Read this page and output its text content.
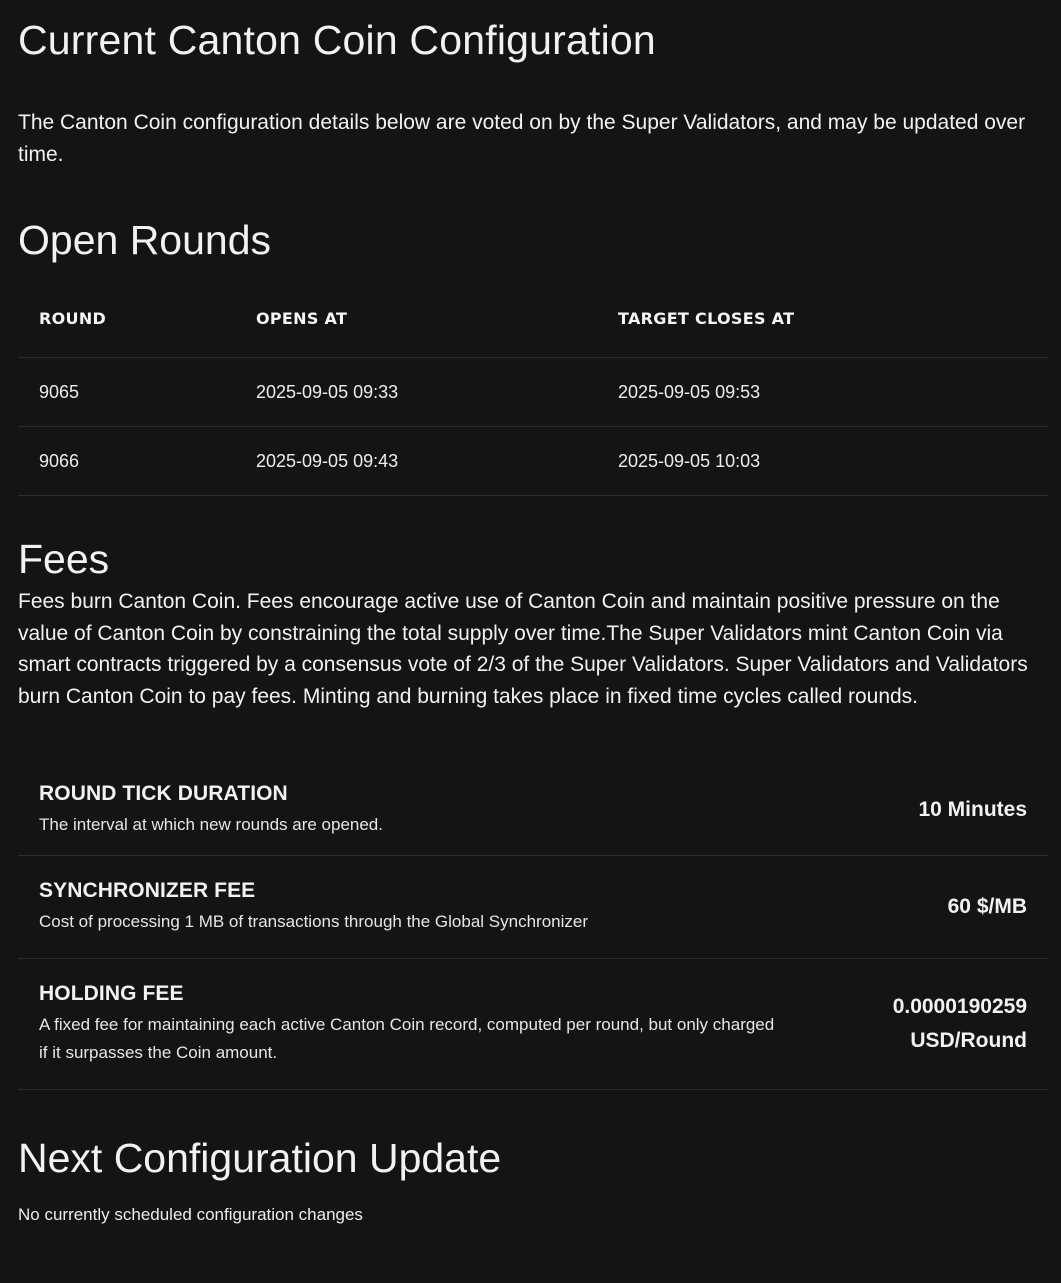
Current Canton Coin Configuration

The Canton Coin configuration details below are voted on by the Super Validators, and may be updated over time.

Open Rounds
ROUND	OPENS AT	TARGET CLOSES AT
9065	2025-09-05 09:33	2025-09-05 09:53
9066	2025-09-05 09:43	2025-09-05 10:03
Fees

Fees burn Canton Coin. Fees encourage active use of Canton Coin and maintain positive pressure on the value of Canton Coin by constraining the total supply over time.The Super Validators mint Canton Coin via smart contracts triggered by a consensus vote of 2/3 of the Super Validators. Super Validators and Validators burn Canton Coin to pay fees. Minting and burning takes place in fixed time cycles called rounds.

ROUND TICK DURATION
The interval at which new rounds are opened.
10 Minutes
SYNCHRONIZER FEE
Cost of processing 1 MB of transactions through the Global Synchronizer
60 $/MB
HOLDING FEE
A fixed fee for maintaining each active Canton Coin record, computed per round, but only charged if it surpasses the Coin amount.
0.0000190259 USD/Round
Next Configuration Update
No currently scheduled configuration changes
